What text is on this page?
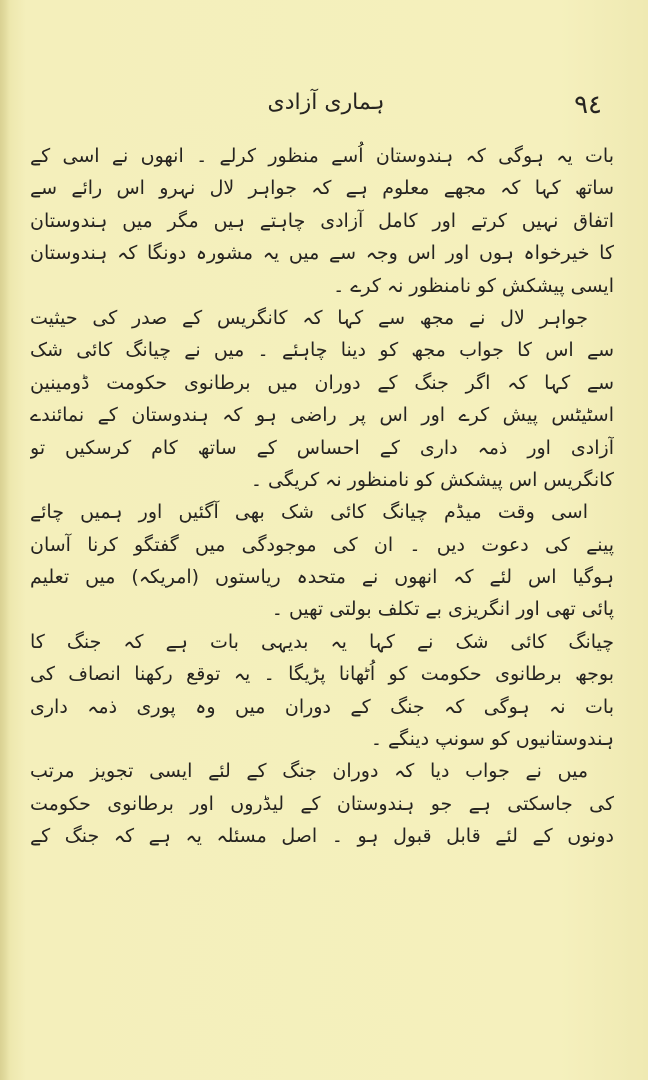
۹٤
ہماری آزادی
بات یہ ہوگی کہ ہندوستان اُسے منظور کرلے ۔ انھوں نے اسی کے
ساتھ کہا کہ مجھے معلوم ہے کہ جواہر لال نہرو اس رائے سے
اتفاق نہیں کرتے اور کامل آزادی چاہتے ہیں مگر میں ہندوستان
کا خیرخواہ ہوں اور اس وجہ سے میں یہ مشورہ دونگا کہ ہندوستان
ایسی پیشکش کو نامنظور نہ کرے ۔
جواہر لال نے مجھ سے کہا کہ کانگریس کے صدر کی حیثیت
سے اس کا جواب مجھ کو دینا چاہئے ۔ میں نے چیانگ کائی شک
سے کہا کہ اگر جنگ کے دوران میں برطانوی حکومت ڈومینین
اسٹیٹس پیش کرے اور اس پر راضی ہو کہ ہندوستان کے نمائندے
آزادی اور ذمہ داری کے احساس کے ساتھ کام کرسکیں تو
کانگریس اس پیشکش کو نامنظور نہ کریگی ۔
اسی وقت میڈم چیانگ کائی شک بھی آگئیں اور ہمیں چائے
پینے کی دعوت دیں ۔ ان کی موجودگی میں گفتگو کرنا آسان
ہوگیا اس لئے کہ انھوں نے متحدہ ریاستوں (امریکہ) میں تعلیم
پائی تھی اور انگریزی بے تکلف بولتی تھیں ۔
چیانگ کائی شک نے کہا یہ بدیہی بات ہے کہ جنگ کا
بوجھ برطانوی حکومت کو اُٹھانا پڑیگا ۔ یہ توقع رکھنا انصاف کی
بات نہ ہوگی کہ جنگ کے دوران میں وہ پوری ذمہ داری
ہندوستانیوں کو سونپ دینگے ۔
میں نے جواب دیا کہ دوران جنگ کے لئے ایسی تجویز مرتب
کی جاسکتی ہے جو ہندوستان کے لیڈروں اور برطانوی حکومت
دونوں کے لئے قابل قبول ہو ۔ اصل مسئلہ یہ ہے کہ جنگ کے
